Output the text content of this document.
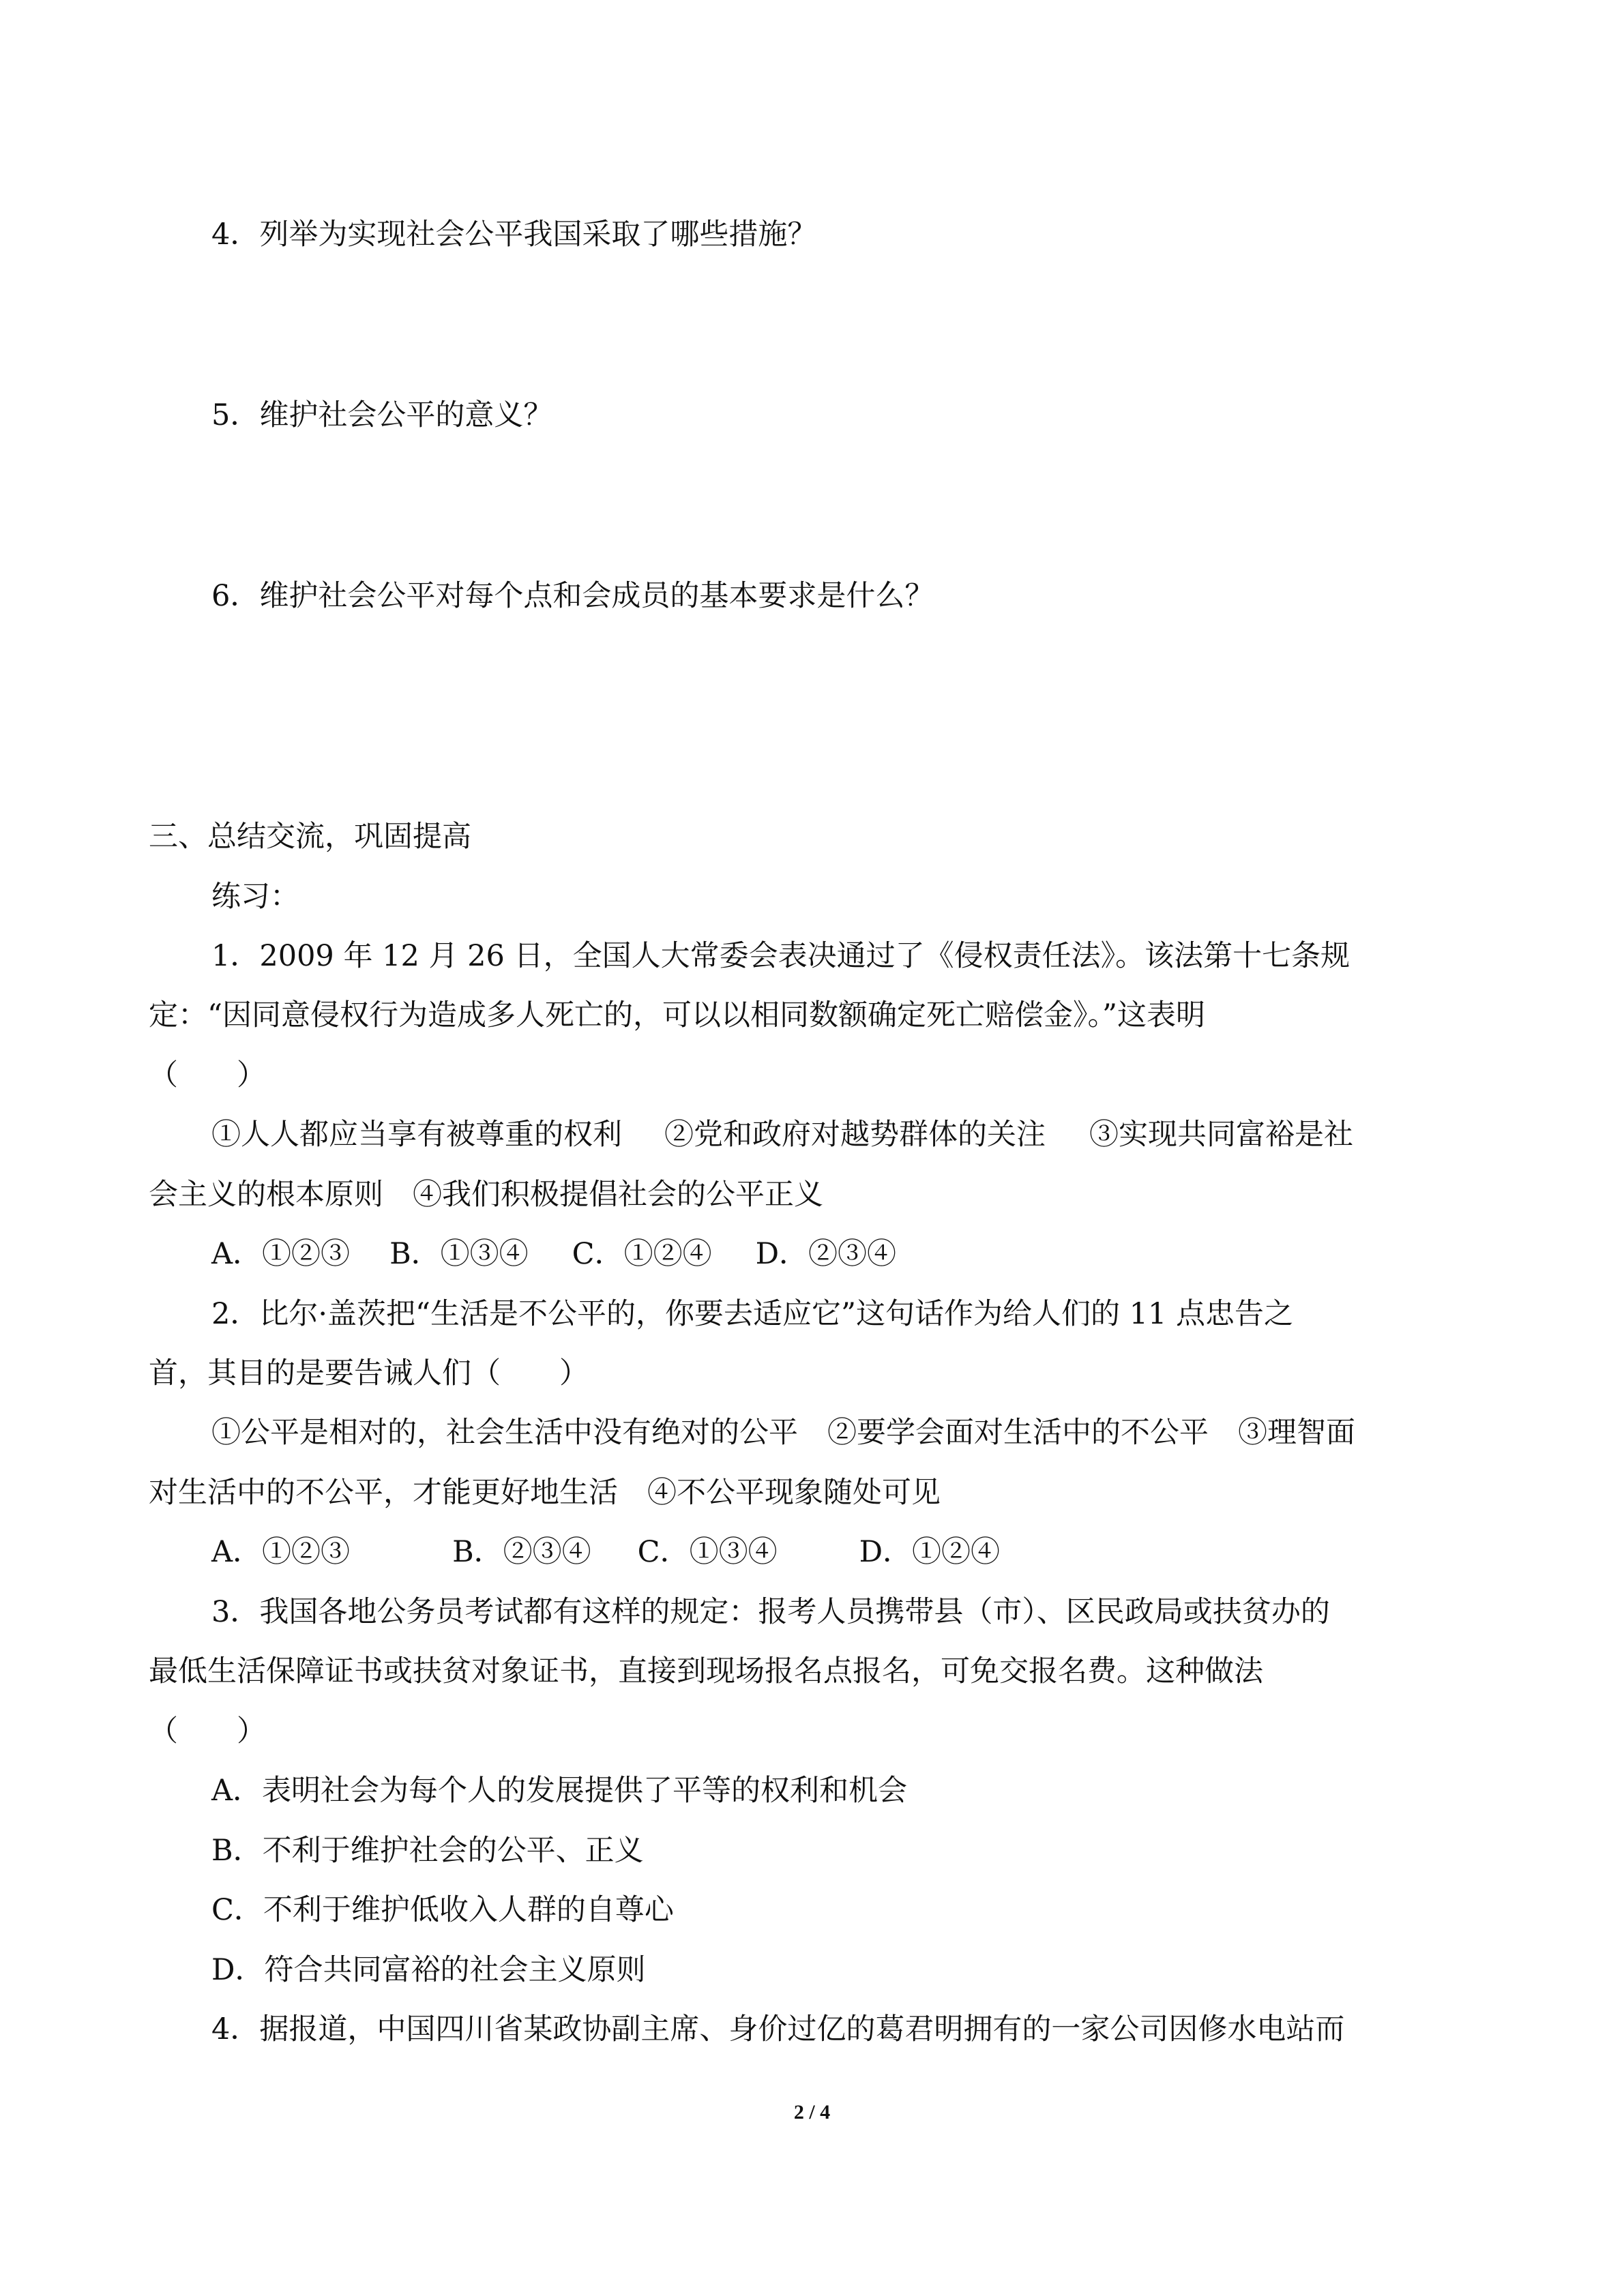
4．列举为实现社会公平我国采取了哪些措施？
5．维护社会公平的意义？
6．维护社会公平对每个点和会成员的基本要求是什么？
三、总结交流，巩固提高
练习：
1．2009 年 12 月 26 日，全国人大常委会表决通过了《侵权责任法》。该法第十七条规
定：“因同意侵权行为造成多人死亡的，可以以相同数额确定死亡赔偿金》。”这表明
（　　）
①人人都应当享有被尊重的权利 ②党和政府对越势群体的关注 ③实现共同富裕是社
会主义的根本原则　④我们积极提倡社会的公平正义
A．①②③ B．①③④ C．①②④ D．②③④
2．比尔·盖茨把“生活是不公平的，你要去适应它”这句话作为给人们的 11 点忠告之
首，其目的是要告诫人们（　　）
①公平是相对的，社会生活中没有绝对的公平　②要学会面对生活中的不公平　③理智面
对生活中的不公平，才能更好地生活　④不公平现象随处可见
A．①②③	B．②③④ C．①③④	D．①②④
3．我国各地公务员考试都有这样的规定：报考人员携带县（市）、区民政局或扶贫办的
最低生活保障证书或扶贫对象证书，直接到现场报名点报名，可免交报名费。这种做法
（　　）
A．表明社会为每个人的发展提供了平等的权利和机会
B．不利于维护社会的公平、正义
C．不利于维护低收入人群的自尊心
D．符合共同富裕的社会主义原则
4．据报道，中国四川省某政协副主席、身价过亿的葛君明拥有的一家公司因修水电站而
2 / 4
